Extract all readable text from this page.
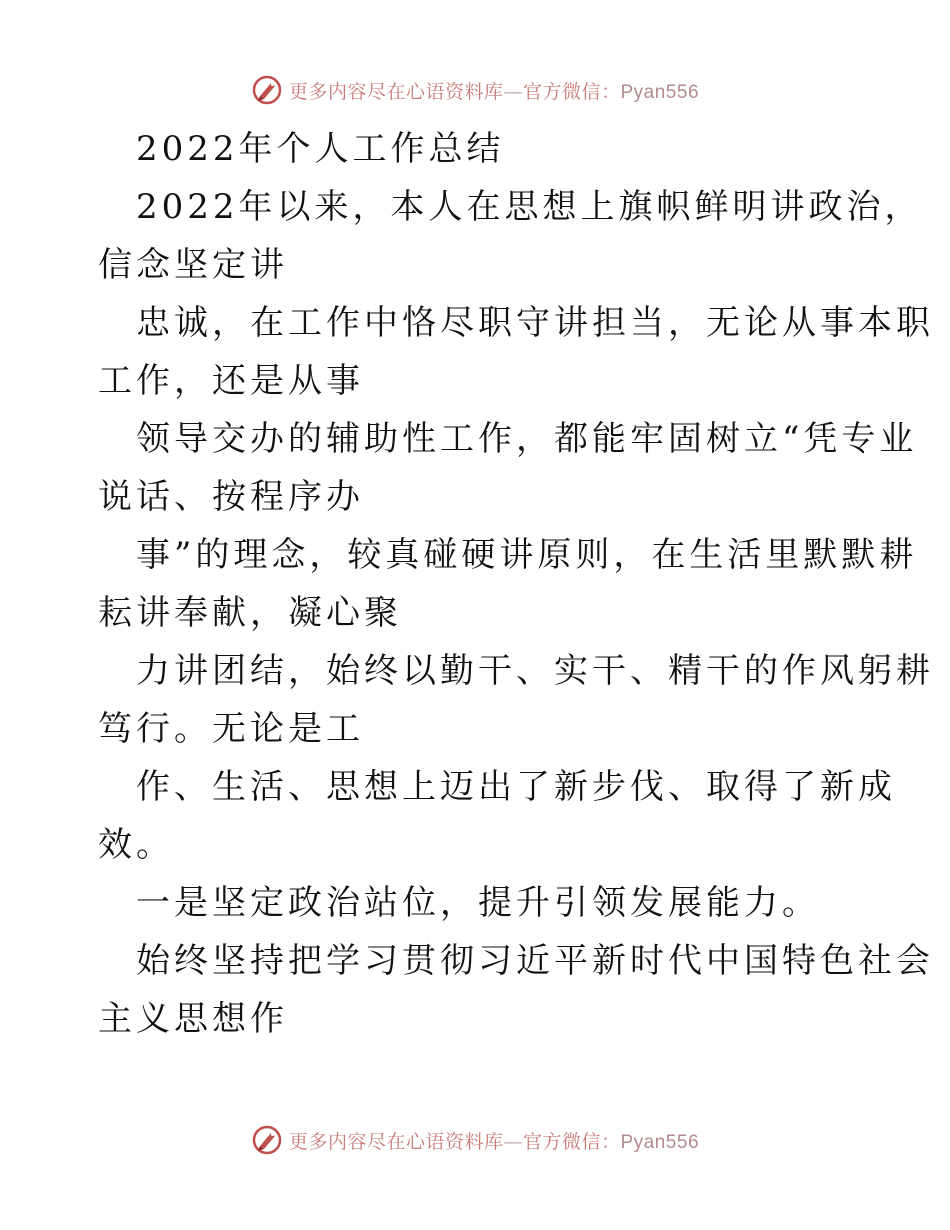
更多内容尽在心语资料库—官方微信：Pyan556
2022年个人工作总结
2022年以来，本人在思想上旗帜鲜明讲政治，
信念坚定讲
忠诚，在工作中恪尽职守讲担当，无论从事本职
工作，还是从事
领导交办的辅助性工作，都能牢固树立“凭专业
说话、按程序办
事”的理念，较真碰硬讲原则，在生活里默默耕
耘讲奉献，凝心聚
力讲团结，始终以勤干、实干、精干的作风躬耕
笃行。无论是工
作、生活、思想上迈出了新步伐、取得了新成
效。
一是坚定政治站位，提升引领发展能力。
始终坚持把学习贯彻习近平新时代中国特色社会
主义思想作
更多内容尽在心语资料库—官方微信：Pyan556
